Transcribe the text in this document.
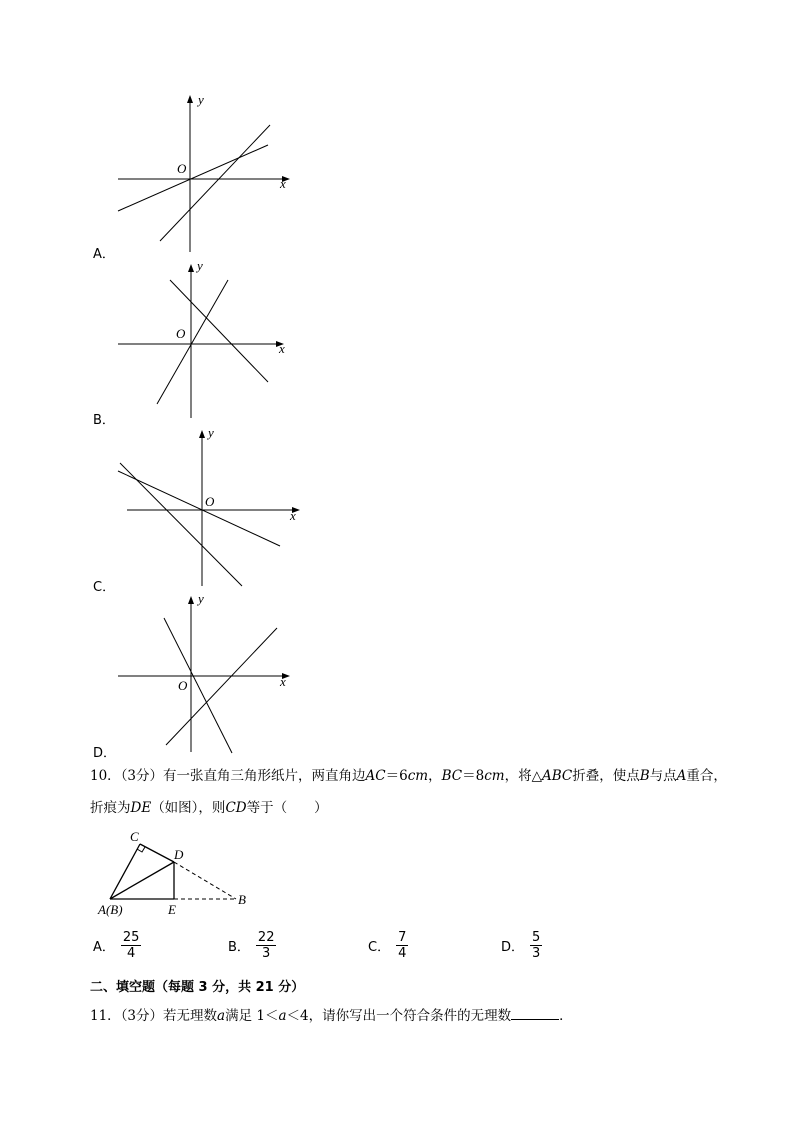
y
O
x
A．
y
O
x
B．
y
O
x
C．
y
O	x
D．
10．（3分）有一张直角三角形纸片，两直角边AC＝6cm，BC＝8cm，将△ABC折叠，使点B与点A重合，
折痕为DE（如图），则CD等于（　　）
C
D
A(B)	E
B
A． $\frac{25}{4}$	B． $\frac{22}{3}$	C． $\frac{7}{4}$	D． $\frac{5}{3}$
二、填空题（每题 3 分，共 21 分）
11．（3分）若无理数a满足 1＜a＜4，请你写出一个符合条件的无理数	．
